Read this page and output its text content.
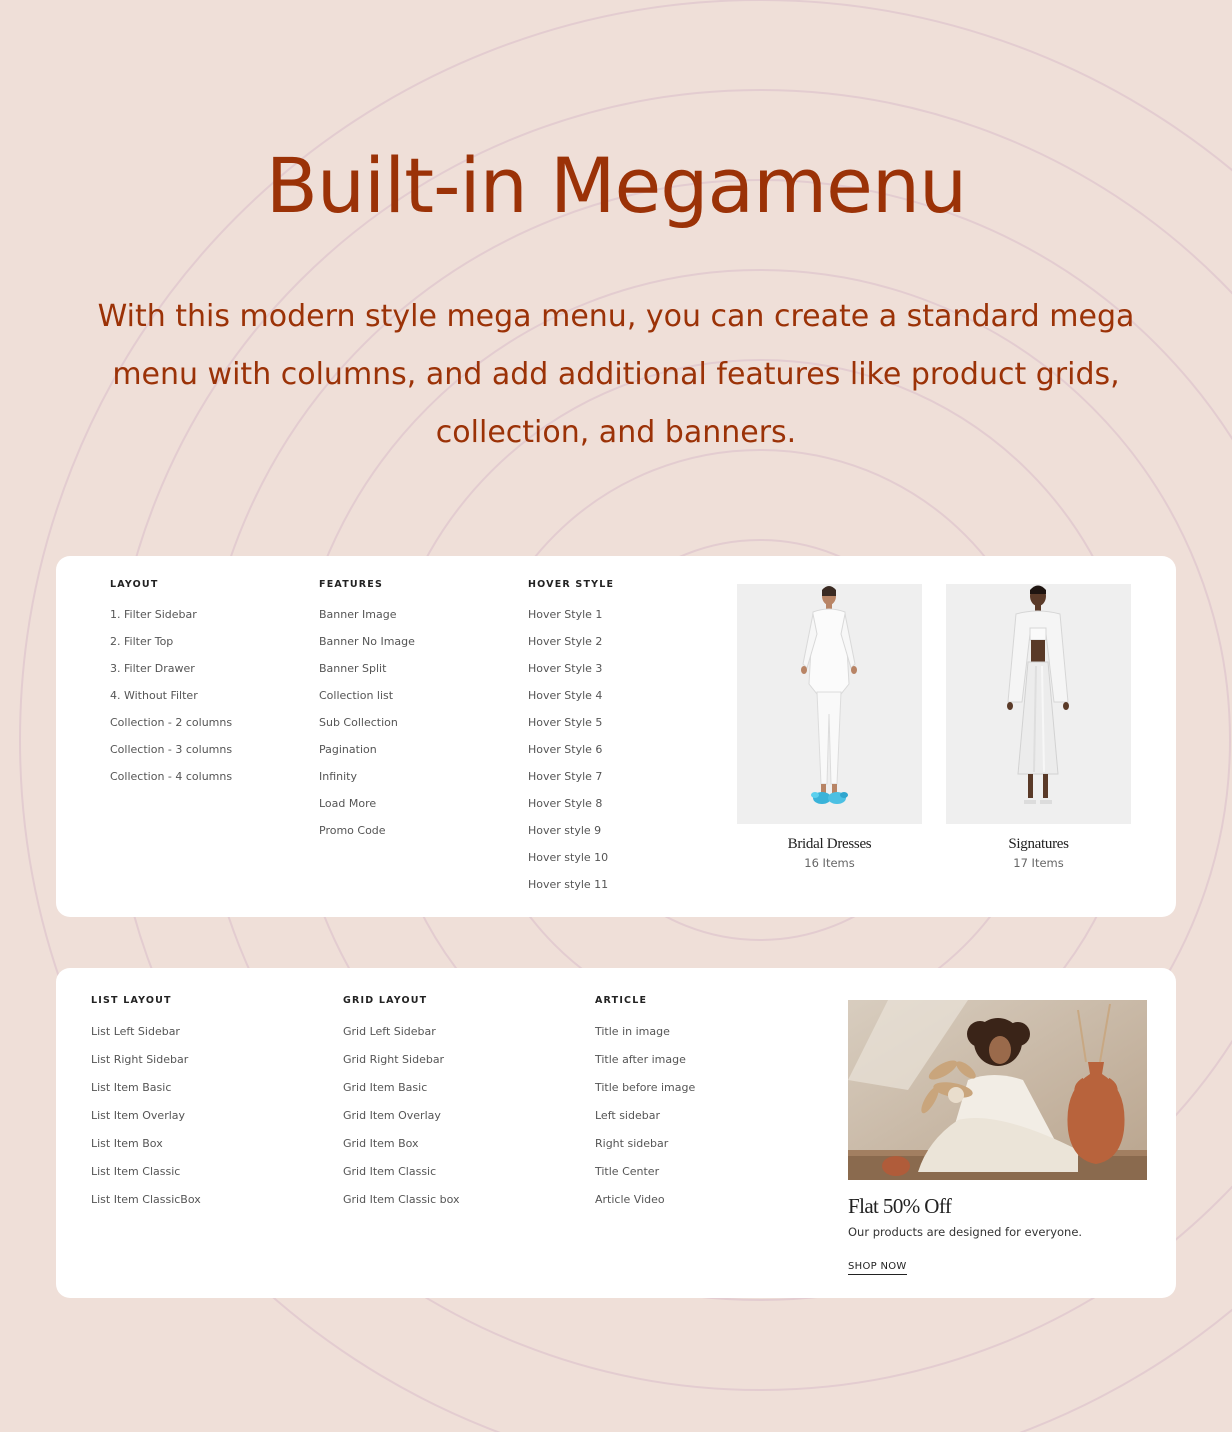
Built-in Megamenu

With this modern style mega menu, you can create a standard mega menu with columns, and add additional features like product grids, collection, and banners.

LAYOUT
1. Filter Sidebar
2. Filter Top
3. Filter Drawer
4. Without Filter
Collection - 2 columns
Collection - 3 columns
Collection - 4 columns
FEATURES
Banner Image
Banner No Image
Banner Split
Collection list
Sub Collection
Pagination
Infinity
Load More
Promo Code
HOVER STYLE
Hover Style 1
Hover Style 2
Hover Style 3
Hover Style 4
Hover Style 5
Hover Style 6
Hover Style 7
Hover Style 8
Hover style 9
Hover style 10
Hover style 11
Bridal Dresses
16 Items
Signatures
17 Items
LIST LAYOUT
List Left Sidebar
List Right Sidebar
List Item Basic
List Item Overlay
List Item Box
List Item Classic
List Item ClassicBox
GRID LAYOUT
Grid Left Sidebar
Grid Right Sidebar
Grid Item Basic
Grid Item Overlay
Grid Item Box
Grid Item Classic
Grid Item Classic box
ARTICLE
Title in image
Title after image
Title before image
Left sidebar
Right sidebar
Title Center
Article Video	Flat 50% Off
Our products are designed for everyone.
SHOP NOW
